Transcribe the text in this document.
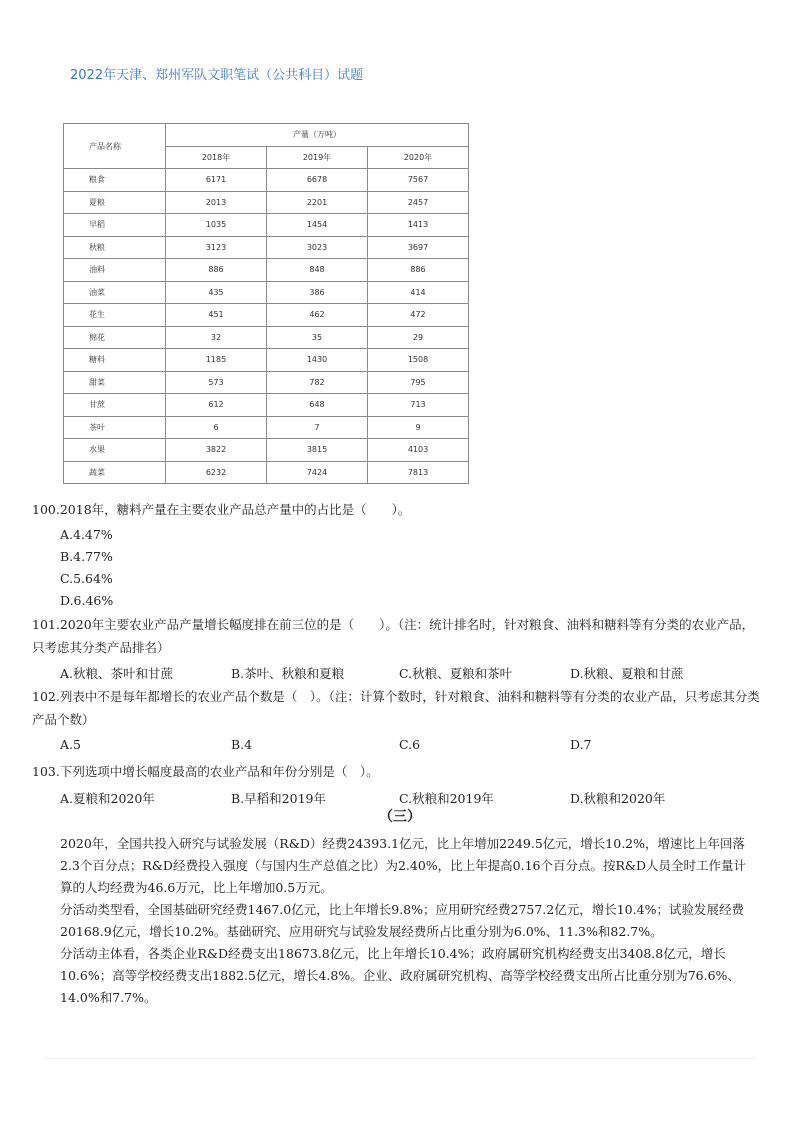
2022年天津、郑州军队文职笔试（公共科目）试题
产品名称	产量（万吨）		
	2018年	2019年	2020年
粮食	6171	6678	7567
夏粮	2013	2201	2457
早稻	1035	1454	1413
秋粮	3123	3023	3697
油料	886	848	886
油菜	435	386	414
花生	451	462	472
棉花	32	35	29
糖料	1185	1430	1508
甜菜	573	782	795
甘蔗	612	648	713
茶叶	6	7	9
水果	3822	3815	4103
蔬菜	6232	7424	7813
100.2018年，糖料产量在主要农业产品总产量中的占比是（　　）。
A.4.47%
B.4.77%
C.5.64%
D.6.46%
101.2020年主要农业产品产量增长幅度排在前三位的是（　　）。（注：统计排名时，针对粮食、油料和糖料等有分类的农业产品，只考虑其分类产品排名）
A.秋粮、茶叶和甘蔗	B.茶叶、秋粮和夏粮	C.秋粮、夏粮和茶叶	D.秋粮、夏粮和甘蔗
102.列表中不是每年都增长的农业产品个数是（　）。（注：计算个数时，针对粮食、油料和糖料等有分类的农业产品，只考虑其分类产品个数）
A.5	B.4	C.6	D.7
103.下列选项中增长幅度最高的农业产品和年份分别是（　）。
A.夏粮和2020年	B.早稻和2019年	C.秋粮和2019年	D.秋粮和2020年
（三）

2020年，全国共投入研究与试验发展（R&D）经费24393.1亿元，比上年增加2249.5亿元，增长10.2%，增速比上年回落2.3个百分点；R&D经费投入强度（与国内生产总值之比）为2.40%，比上年提高0.16个百分点。按R&D人员全时工作量计算的人均经费为46.6万元，比上年增加0.5万元。

分活动类型看，全国基础研究经费1467.0亿元，比上年增长9.8%；应用研究经费2757.2亿元，增长10.4%；试验发展经费20168.9亿元，增长10.2%。基础研究、应用研究与试验发展经费所占比重分别为6.0%、11.3%和82.7%。

分活动主体看，各类企业R&D经费支出18673.8亿元，比上年增长10.4%；政府属研究机构经费支出3408.8亿元，增长10.6%；高等学校经费支出1882.5亿元，增长4.8%。企业、政府属研究机构、高等学校经费支出所占比重分别为76.6%、14.0%和7.7%。
